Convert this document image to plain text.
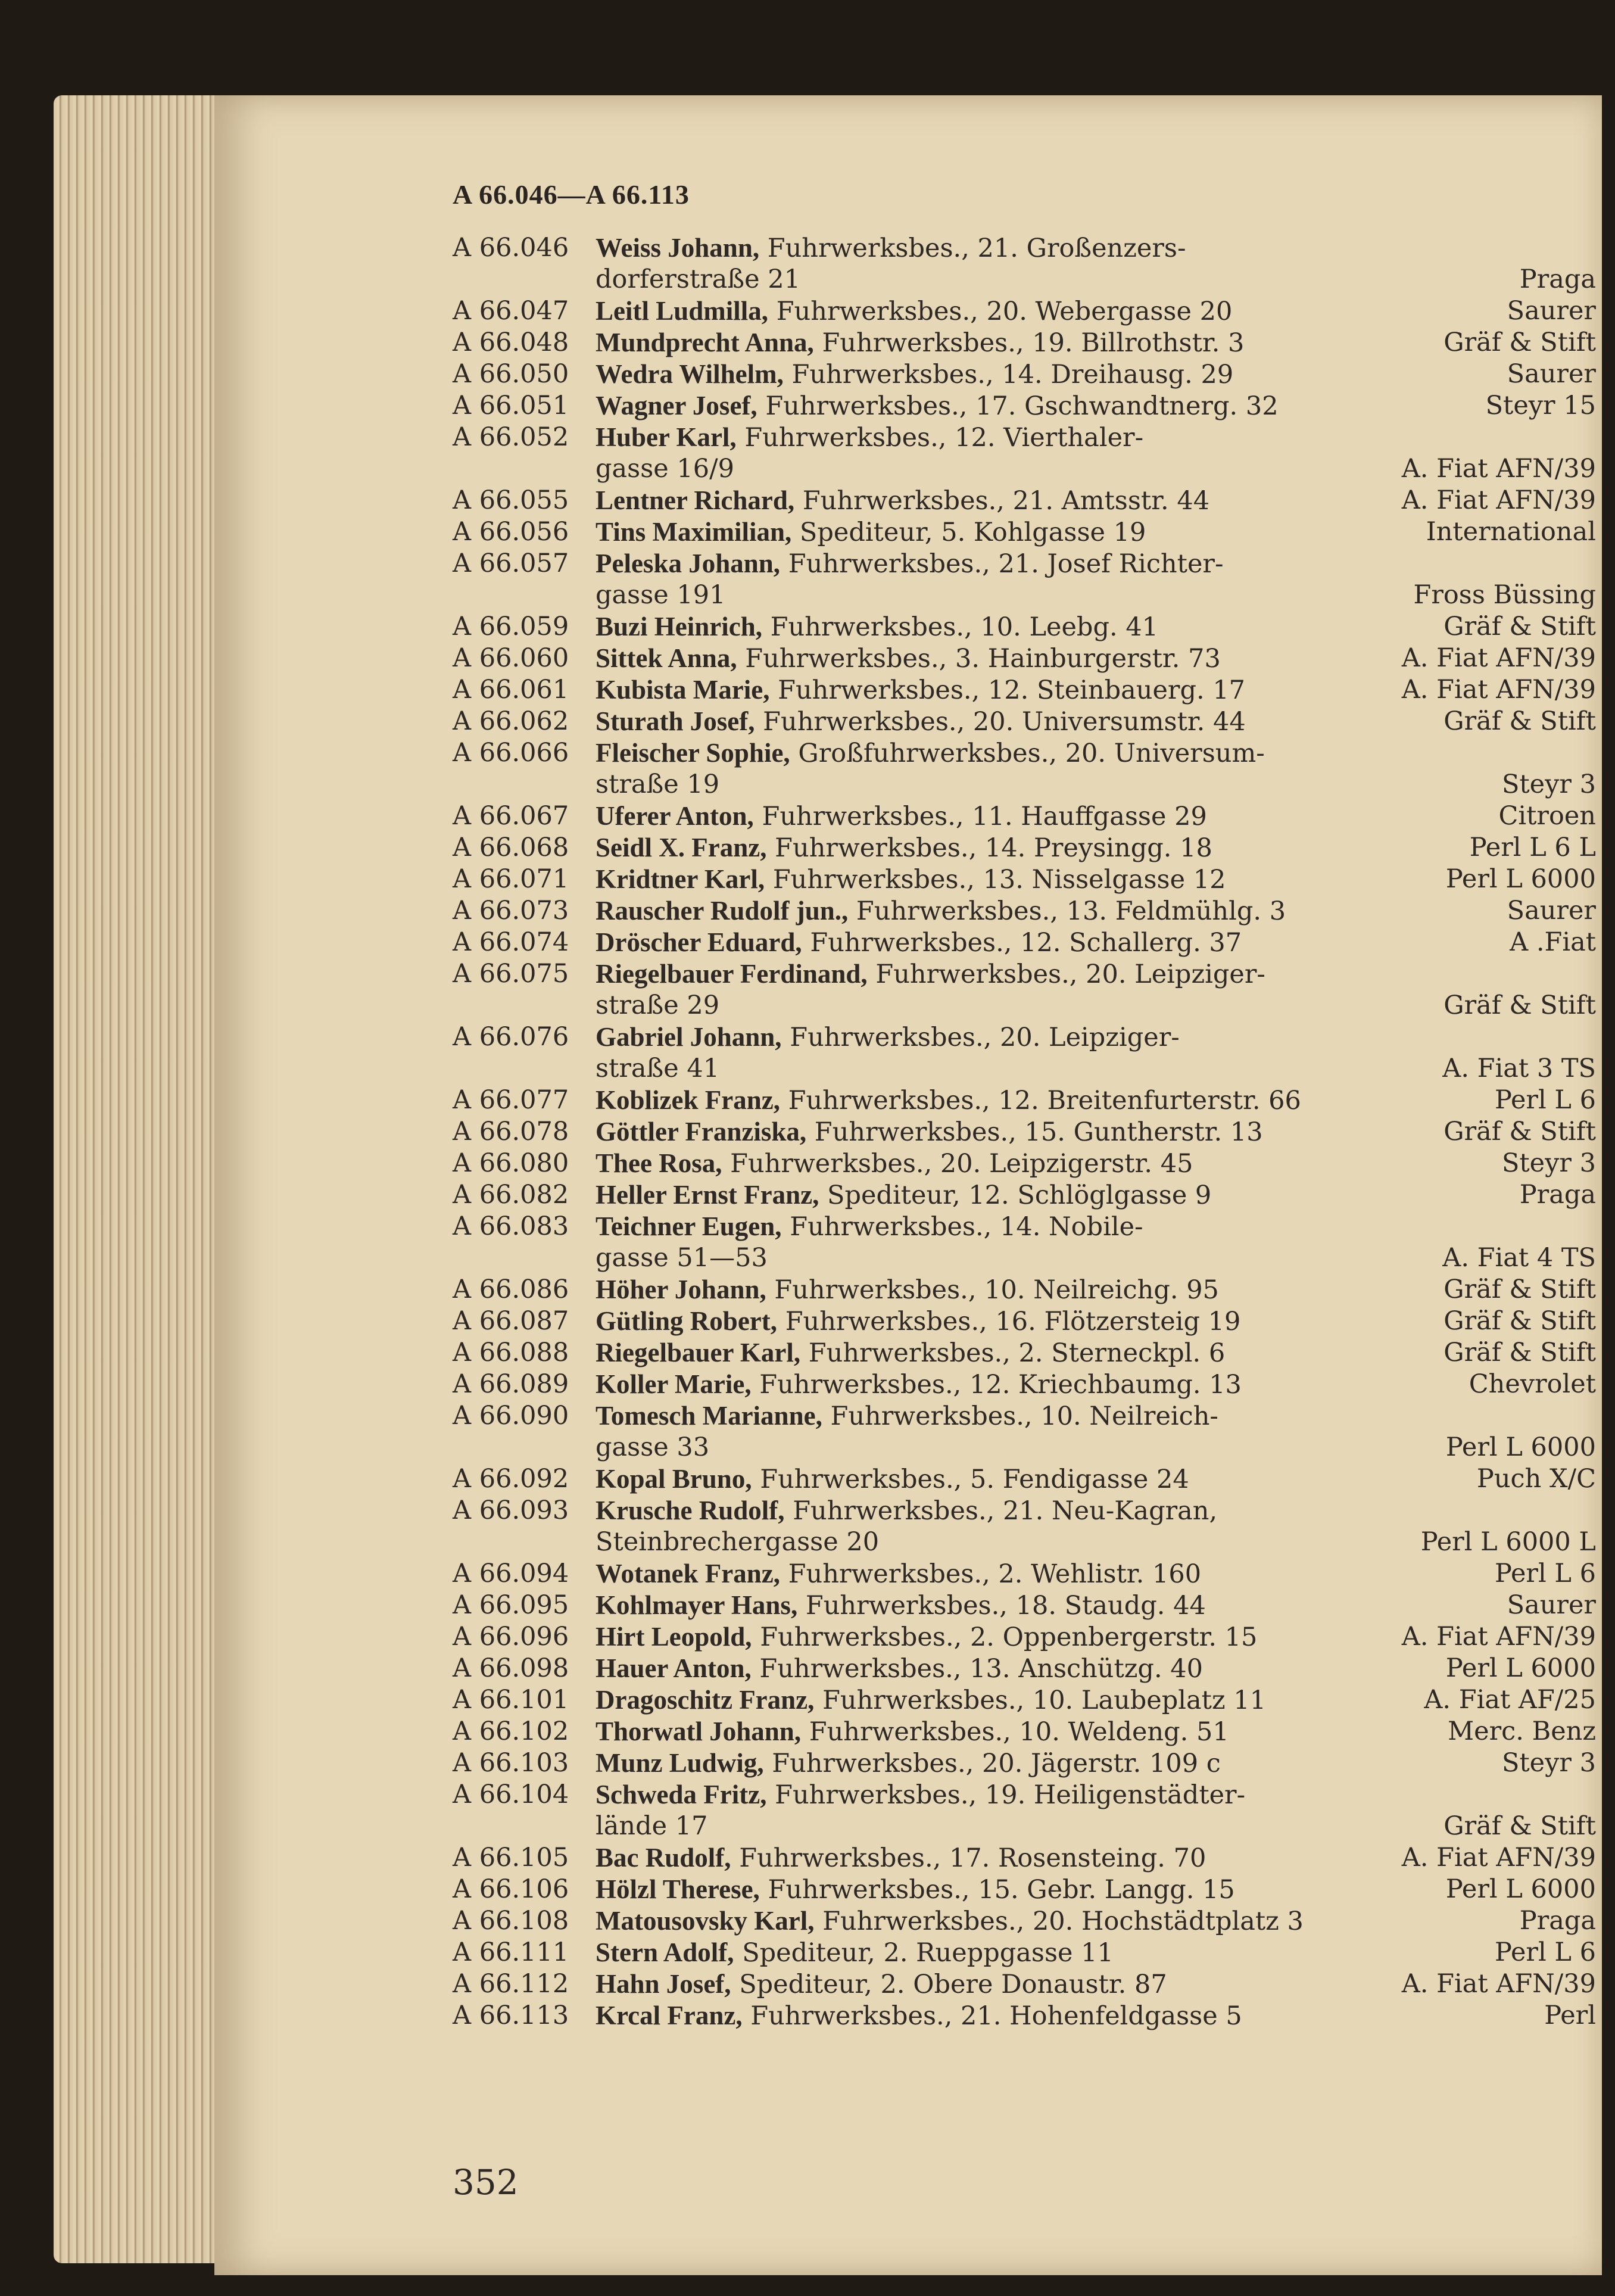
A 66.046—A 66.113
A 66.046 Weiss Johann, Fuhrwerksbes., 21. Großenzers-
dorferstraße 21	Praga
A 66.047 Leitl Ludmilla, Fuhrwerksbes., 20. Webergasse 20	Saurer
A 66.048 Mundprecht Anna, Fuhrwerksbes., 19. Billrothstr. 3	Gräf & Stift
A 66.050 Wedra Wilhelm, Fuhrwerksbes., 14. Dreihausg. 29	Saurer
A 66.051 Wagner Josef, Fuhrwerksbes., 17. Gschwandtnerg. 32	Steyr 15
A 66.052 Huber Karl, Fuhrwerksbes., 12. Vierthaler-
gasse 16/9	A. Fiat AFN/39
A 66.055 Lentner Richard, Fuhrwerksbes., 21. Amtsstr. 44	A. Fiat AFN/39
A 66.056 Tins Maximilian, Spediteur, 5. Kohlgasse 19	International
A 66.057 Peleska Johann, Fuhrwerksbes., 21. Josef Richter-
gasse 191	Fross Büssing
A 66.059 Buzi Heinrich, Fuhrwerksbes., 10. Leebg. 41	Gräf & Stift
A 66.060 Sittek Anna, Fuhrwerksbes., 3. Hainburgerstr. 73	A. Fiat AFN/39
A 66.061 Kubista Marie, Fuhrwerksbes., 12. Steinbauerg. 17	A. Fiat AFN/39
A 66.062 Sturath Josef, Fuhrwerksbes., 20. Universumstr. 44	Gräf & Stift
A 66.066 Fleischer Sophie, Großfuhrwerksbes., 20. Universum-
straße 19	Steyr 3
A 66.067 Uferer Anton, Fuhrwerksbes., 11. Hauffgasse 29	Citroen
A 66.068 Seidl X. Franz, Fuhrwerksbes., 14. Preysingg. 18	Perl L 6 L
A 66.071 Kridtner Karl, Fuhrwerksbes., 13. Nisselgasse 12	Perl L 6000
A 66.073 Rauscher Rudolf jun., Fuhrwerksbes., 13. Feldmühlg. 3	Saurer
A 66.074 Dröscher Eduard, Fuhrwerksbes., 12. Schallerg. 37	A .Fiat
A 66.075 Riegelbauer Ferdinand, Fuhrwerksbes., 20. Leipziger-
straße 29	Gräf & Stift
A 66.076 Gabriel Johann, Fuhrwerksbes., 20. Leipziger-
straße 41	A. Fiat 3 TS
A 66.077 Koblizek Franz, Fuhrwerksbes., 12. Breitenfurterstr. 66	Perl L 6
A 66.078 Göttler Franziska, Fuhrwerksbes., 15. Guntherstr. 13	Gräf & Stift
A 66.080 Thee Rosa, Fuhrwerksbes., 20. Leipzigerstr. 45	Steyr 3
A 66.082 Heller Ernst Franz, Spediteur, 12. Schlöglgasse 9	Praga
A 66.083 Teichner Eugen, Fuhrwerksbes., 14. Nobile-
gasse 51—53	A. Fiat 4 TS
A 66.086 Höher Johann, Fuhrwerksbes., 10. Neilreichg. 95	Gräf & Stift
A 66.087 Gütling Robert, Fuhrwerksbes., 16. Flötzersteig 19	Gräf & Stift
A 66.088 Riegelbauer Karl, Fuhrwerksbes., 2. Sterneckpl. 6	Gräf & Stift
A 66.089 Koller Marie, Fuhrwerksbes., 12. Kriechbaumg. 13	Chevrolet
A 66.090 Tomesch Marianne, Fuhrwerksbes., 10. Neilreich-
gasse 33	Perl L 6000
A 66.092 Kopal Bruno, Fuhrwerksbes., 5. Fendigasse 24	Puch X/C
A 66.093 Krusche Rudolf, Fuhrwerksbes., 21. Neu-Kagran,
Steinbrechergasse 20	Perl L 6000 L
A 66.094 Wotanek Franz, Fuhrwerksbes., 2. Wehlistr. 160	Perl L 6
A 66.095 Kohlmayer Hans, Fuhrwerksbes., 18. Staudg. 44	Saurer
A 66.096 Hirt Leopold, Fuhrwerksbes., 2. Oppenbergerstr. 15	A. Fiat AFN/39
A 66.098 Hauer Anton, Fuhrwerksbes., 13. Anschützg. 40	Perl L 6000
A 66.101 Dragoschitz Franz, Fuhrwerksbes., 10. Laubeplatz 11	A. Fiat AF/25
A 66.102 Thorwatl Johann, Fuhrwerksbes., 10. Weldeng. 51	Merc. Benz
A 66.103 Munz Ludwig, Fuhrwerksbes., 20. Jägerstr. 109 c	Steyr 3
A 66.104 Schweda Fritz, Fuhrwerksbes., 19. Heiligenstädter-
lände 17	Gräf & Stift
A 66.105 Bac Rudolf, Fuhrwerksbes., 17. Rosensteing. 70	A. Fiat AFN/39
A 66.106 Hölzl Therese, Fuhrwerksbes., 15. Gebr. Langg. 15	Perl L 6000
A 66.108 Matousovsky Karl, Fuhrwerksbes., 20. Hochstädtplatz 3	Praga
A 66.111 Stern Adolf, Spediteur, 2. Rueppgasse 11	Perl L 6
A 66.112 Hahn Josef, Spediteur, 2. Obere Donaustr. 87	A. Fiat AFN/39
A 66.113 Krcal Franz, Fuhrwerksbes., 21. Hohenfeldgasse 5	Perl
352
